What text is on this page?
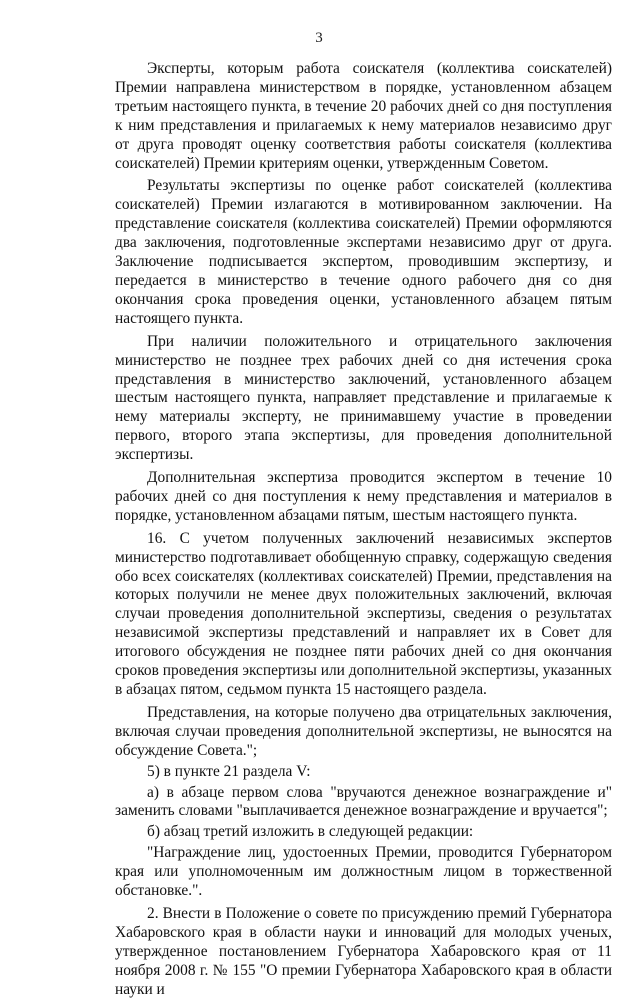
3

Эксперты, которым работа соискателя (коллектива соискателей) Премии направлена министерством в порядке, установленном абзацем третьим настоящего пункта, в течение 20 рабочих дней со дня поступления к ним представления и прилагаемых к нему материалов независимо друг от друга проводят оценку соответствия работы соискателя (коллектива соискателей) Премии критериям оценки, утвержденным Советом.

Результаты экспертизы по оценке работ соискателей (коллектива соискателей) Премии излагаются в мотивированном заключении. На представление соискателя (коллектива соискателей) Премии оформляются два заключения, подготовленные экспертами независимо друг от друга. Заключение подписывается экспертом, проводившим экспертизу, и передается в министерство в течение одного рабочего дня со дня окончания срока проведения оценки, установленного абзацем пятым настоящего пункта.

При наличии положительного и отрицательного заключения министерство не позднее трех рабочих дней со дня истечения срока представления в министерство заключений, установленного абзацем шестым настоящего пункта, направляет представление и прилагаемые к нему материалы эксперту, не принимавшему участие в проведении первого, второго этапа экспертизы, для проведения дополнительной экспертизы.

Дополнительная экспертиза проводится экспертом в течение 10 рабочих дней со дня поступления к нему представления и материалов в порядке, установленном абзацами пятым, шестым настоящего пункта.

16. С учетом полученных заключений независимых экспертов министерство подготавливает обобщенную справку, содержащую сведения обо всех соискателях (коллективах соискателей) Премии, представления на которых получили не менее двух положительных заключений, включая случаи проведения дополнительной экспертизы, сведения о результатах независимой экспертизы представлений и направляет их в Совет для итогового обсуждения не позднее пяти рабочих дней со дня окончания сроков проведения экспертизы или дополнительной экспертизы, указанных в абзацах пятом, седьмом пункта 15 настоящего раздела.

Представления, на которые получено два отрицательных заключения, включая случаи проведения дополнительной экспертизы, не выносятся на обсуждение Совета.";

5) в пункте 21 раздела V:

а) в абзаце первом слова "вручаются денежное вознаграждение и" заменить словами "выплачивается денежное вознаграждение и вручается";

б) абзац третий изложить в следующей редакции:

"Награждение лиц, удостоенных Премии, проводится Губернатором края или уполномоченным им должностным лицом в торжественной обстановке.".

2. Внести в Положение о совете по присуждению премий Губернатора Хабаровского края в области науки и инноваций для молодых ученых, утвержденное постановлением Губернатора Хабаровского края от 11 ноября 2008 г. № 155 "О премии Губернатора Хабаровского края в области науки и
